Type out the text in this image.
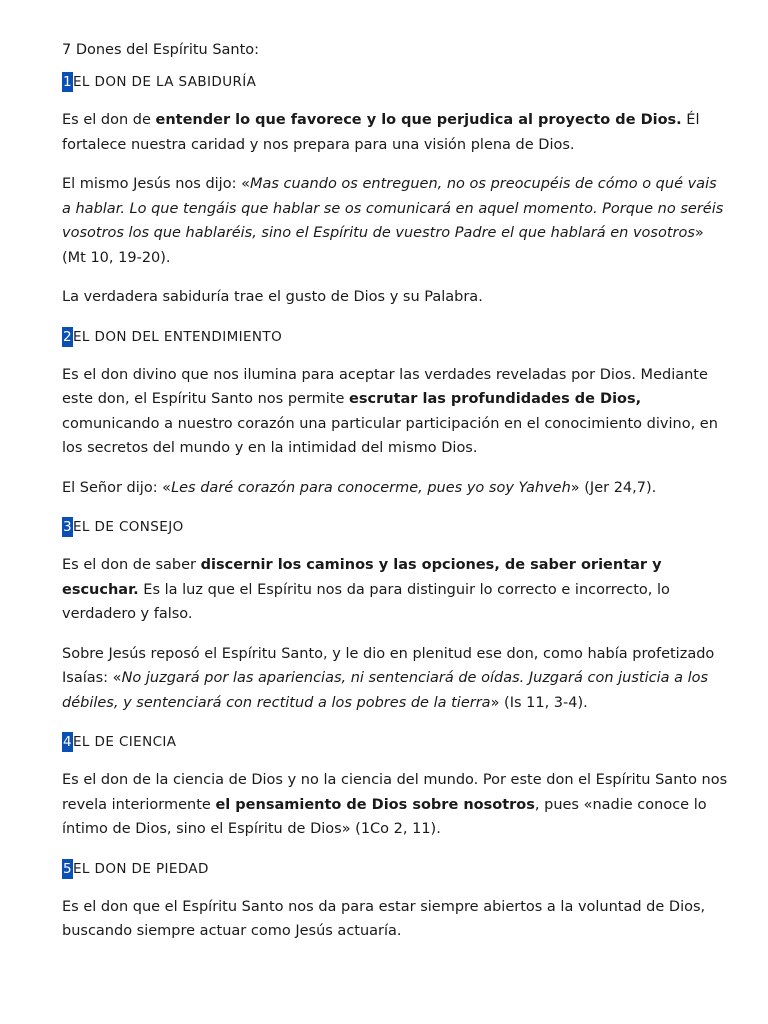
7 Dones del Espíritu Santo:
1EL DON DE LA SABIDURÍA

Es el don de entender lo que favorece y lo que perjudica al proyecto de Dios. Él fortalece nuestra caridad y nos prepara para una visión plena de Dios.

El mismo Jesús nos dijo: «Mas cuando os entreguen, no os preocupéis de cómo o qué vais a hablar. Lo que tengáis que hablar se os comunicará en aquel momento. Porque no seréis vosotros los que hablaréis, sino el Espíritu de vuestro Padre el que hablará en vosotros» (Mt 10, 19-20).

La verdadera sabiduría trae el gusto de Dios y su Palabra.

2EL DON DEL ENTENDIMIENTO

Es el don divino que nos ilumina para aceptar las verdades reveladas por Dios. Mediante este don, el Espíritu Santo nos permite escrutar las profundidades de Dios, comunicando a nuestro corazón una particular participación en el conocimiento divino, en los secretos del mundo y en la intimidad del mismo Dios.

El Señor dijo: «Les daré corazón para conocerme, pues yo soy Yahveh» (Jer 24,7).

3EL DE CONSEJO

Es el don de saber discernir los caminos y las opciones, de saber orientar y escuchar. Es la luz que el Espíritu nos da para distinguir lo correcto e incorrecto, lo verdadero y falso.

Sobre Jesús reposó el Espíritu Santo, y le dio en plenitud ese don, como había profetizado Isaías: «No juzgará por las apariencias, ni sentenciará de oídas. Juzgará con justicia a los débiles, y sentenciará con rectitud a los pobres de la tierra» (Is 11, 3-4).

4EL DE CIENCIA

Es el don de la ciencia de Dios y no la ciencia del mundo. Por este don el Espíritu Santo nos revela interiormente el pensamiento de Dios sobre nosotros, pues «nadie conoce lo íntimo de Dios, sino el Espíritu de Dios» (1Co 2, 11).

5EL DON DE PIEDAD

Es el don que el Espíritu Santo nos da para estar siempre abiertos a la voluntad de Dios, buscando siempre actuar como Jesús actuaría.
